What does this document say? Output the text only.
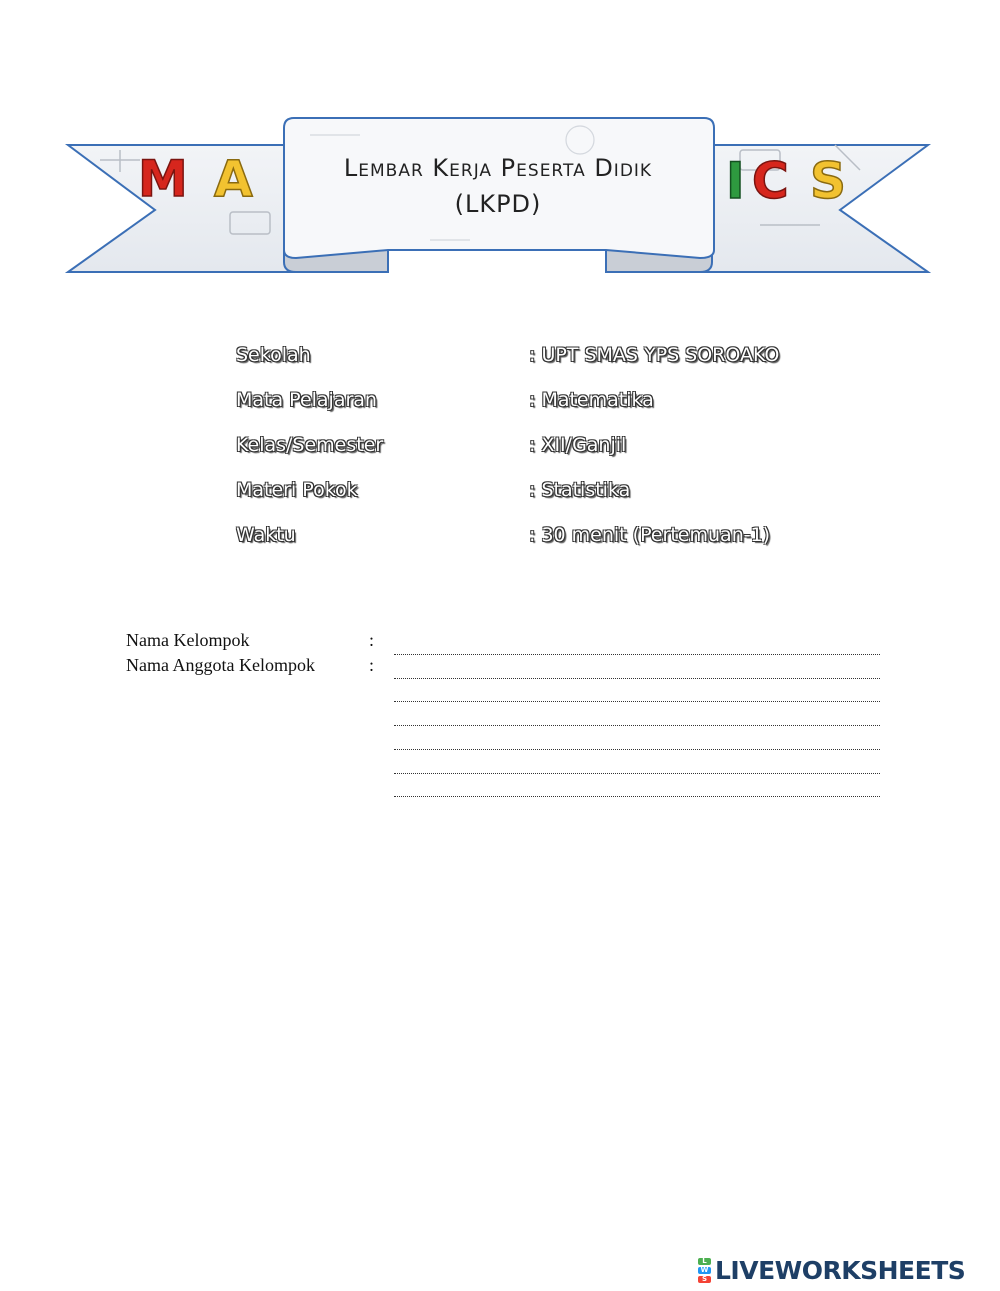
M A	I C S
Lembar Kerja Peserta Didik
(LKPD)
Sekolah	: UPT SMAS YPS SOROAKO
Mata Pelajaran	: Matematika
Kelas/Semester	: XII/Ganjil
Materi Pokok	: Statistika
Waktu	: 30 menit (Pertemuan-1)
Nama Kelompok	:
Nama Anggota Kelompok	:
L
W
S LIVEWORKSHEETS
